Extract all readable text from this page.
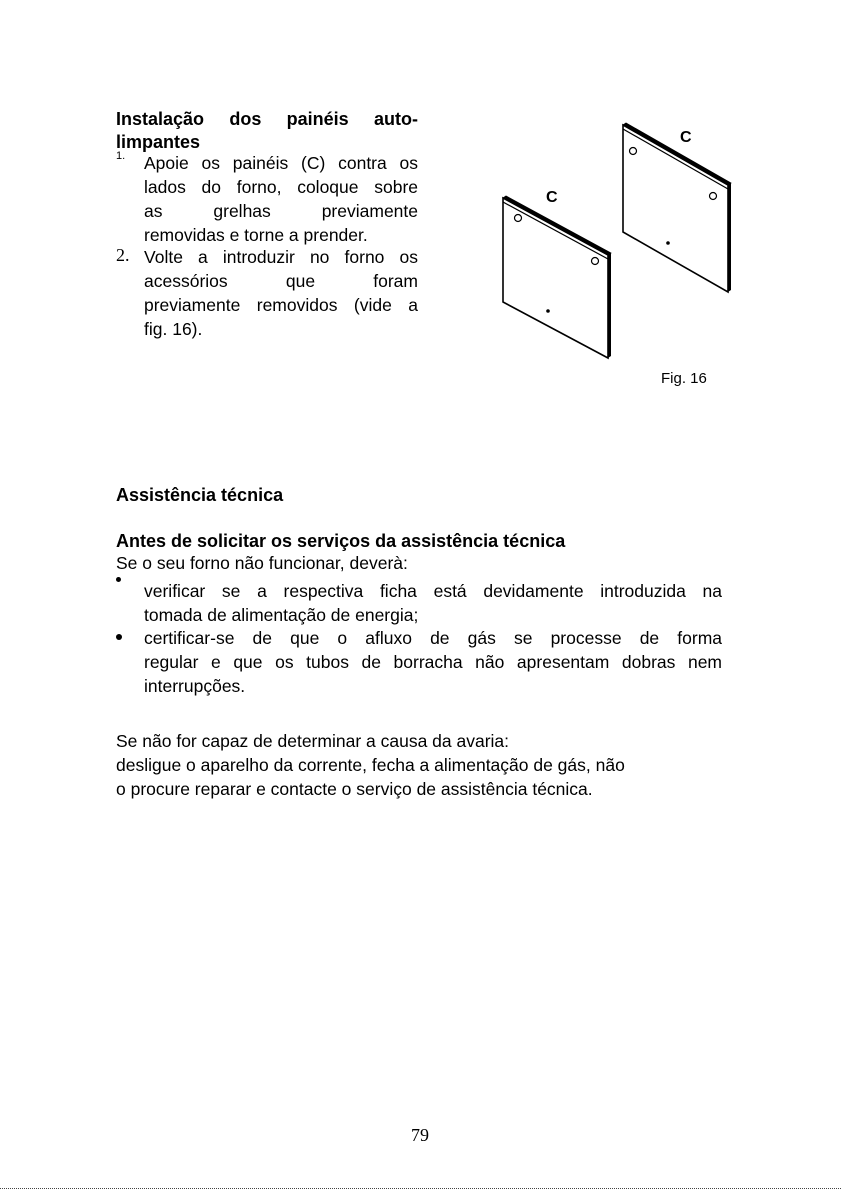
Instalação dos painéis auto-
limpantes
1. Apoie os painéis (C) contra os
lados do forno, coloque sobre
as grelhas previamente
removidas e torne a prender.
2. Volte a introduzir no forno os
acessórios que foram
previamente removidos (vide a
fig. 16).
C
C
Fig. 16
Assistência técnica
Antes de solicitar os serviços da assistência técnica
Se o seu forno não funcionar, deverà:
verificar se a respectiva ficha está devidamente introduzida na
tomada de alimentação de energia;
certificar-se de que o afluxo de gás se processe de forma
regular e que os tubos de borracha não apresentam dobras nem
interrupções.
Se não for capaz de determinar a causa da avaria:
desligue o aparelho da corrente, fecha a alimentação de gás, não
o procure reparar e contacte o serviço de assistência técnica.
79
